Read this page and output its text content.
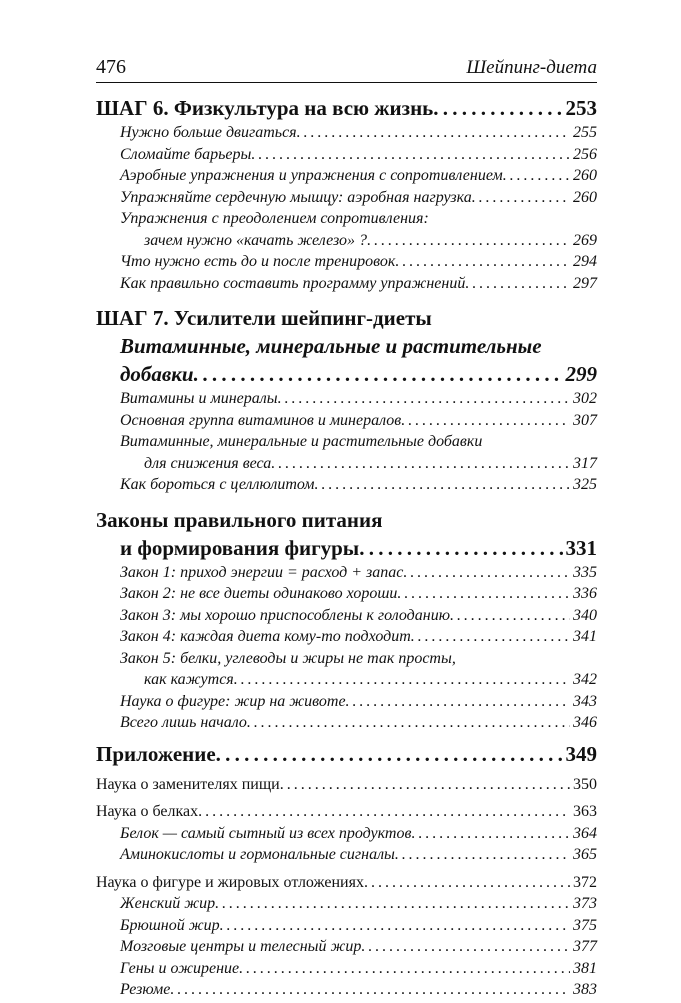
476	Шейпинг-диета
ШАГ 6. Физкультура на всю жизнь . . .	253
Нужно больше двигаться . . .	255
Сломайте барьеры . . .	256
Аэробные упражнения и упражнения с сопротивлением . . .	260
Упражняйте сердечную мышцу: аэробная нагрузка . . .	260
Упражнения с преодолением сопротивления:
зачем нужно «качать железо» ? . . .	269
Что нужно есть до и после тренировок . . .	294
Как правильно составить программу упражнений . . .	297
ШАГ 7. Усилители шейпинг-диеты
Витаминные, минеральные и растительные
добавки . . .	299
Витамины и минералы . . .	302
Основная группа витаминов и минералов . . .	307
Витаминные, минеральные и растительные добавки
для снижения веса . . .	317
Как бороться с целлюлитом . . .	325
Законы правильного питания
и формирования фигуры . . .	331
Закон 1: приход энергии = расход + запас . . .	335
Закон 2: не все диеты одинаково хороши . . .	336
Закон 3: мы хорошо приспособлены к голоданию . . .	340
Закон 4: каждая диета кому-то подходит . . .	341
Закон 5: белки, углеводы и жиры не так просты,
как кажутся . . .	342
Наука о фигуре: жир на животе . . .	343
Всего лишь начало . . .	346
Приложение . . .	349
Наука о заменителях пищи . . .	350
Наука о белках . . .	363
Белок — самый сытный из всех продуктов . . .	364
Аминокислоты и гормональные сигналы . . .	365
Наука о фигуре и жировых отложениях . . .	372
Женский жир . . .	373
Брюшной жир . . .	375
Мозговые центры и телесный жир . . .	377
Гены и ожирение . . .	381
Резюме . . .	383
